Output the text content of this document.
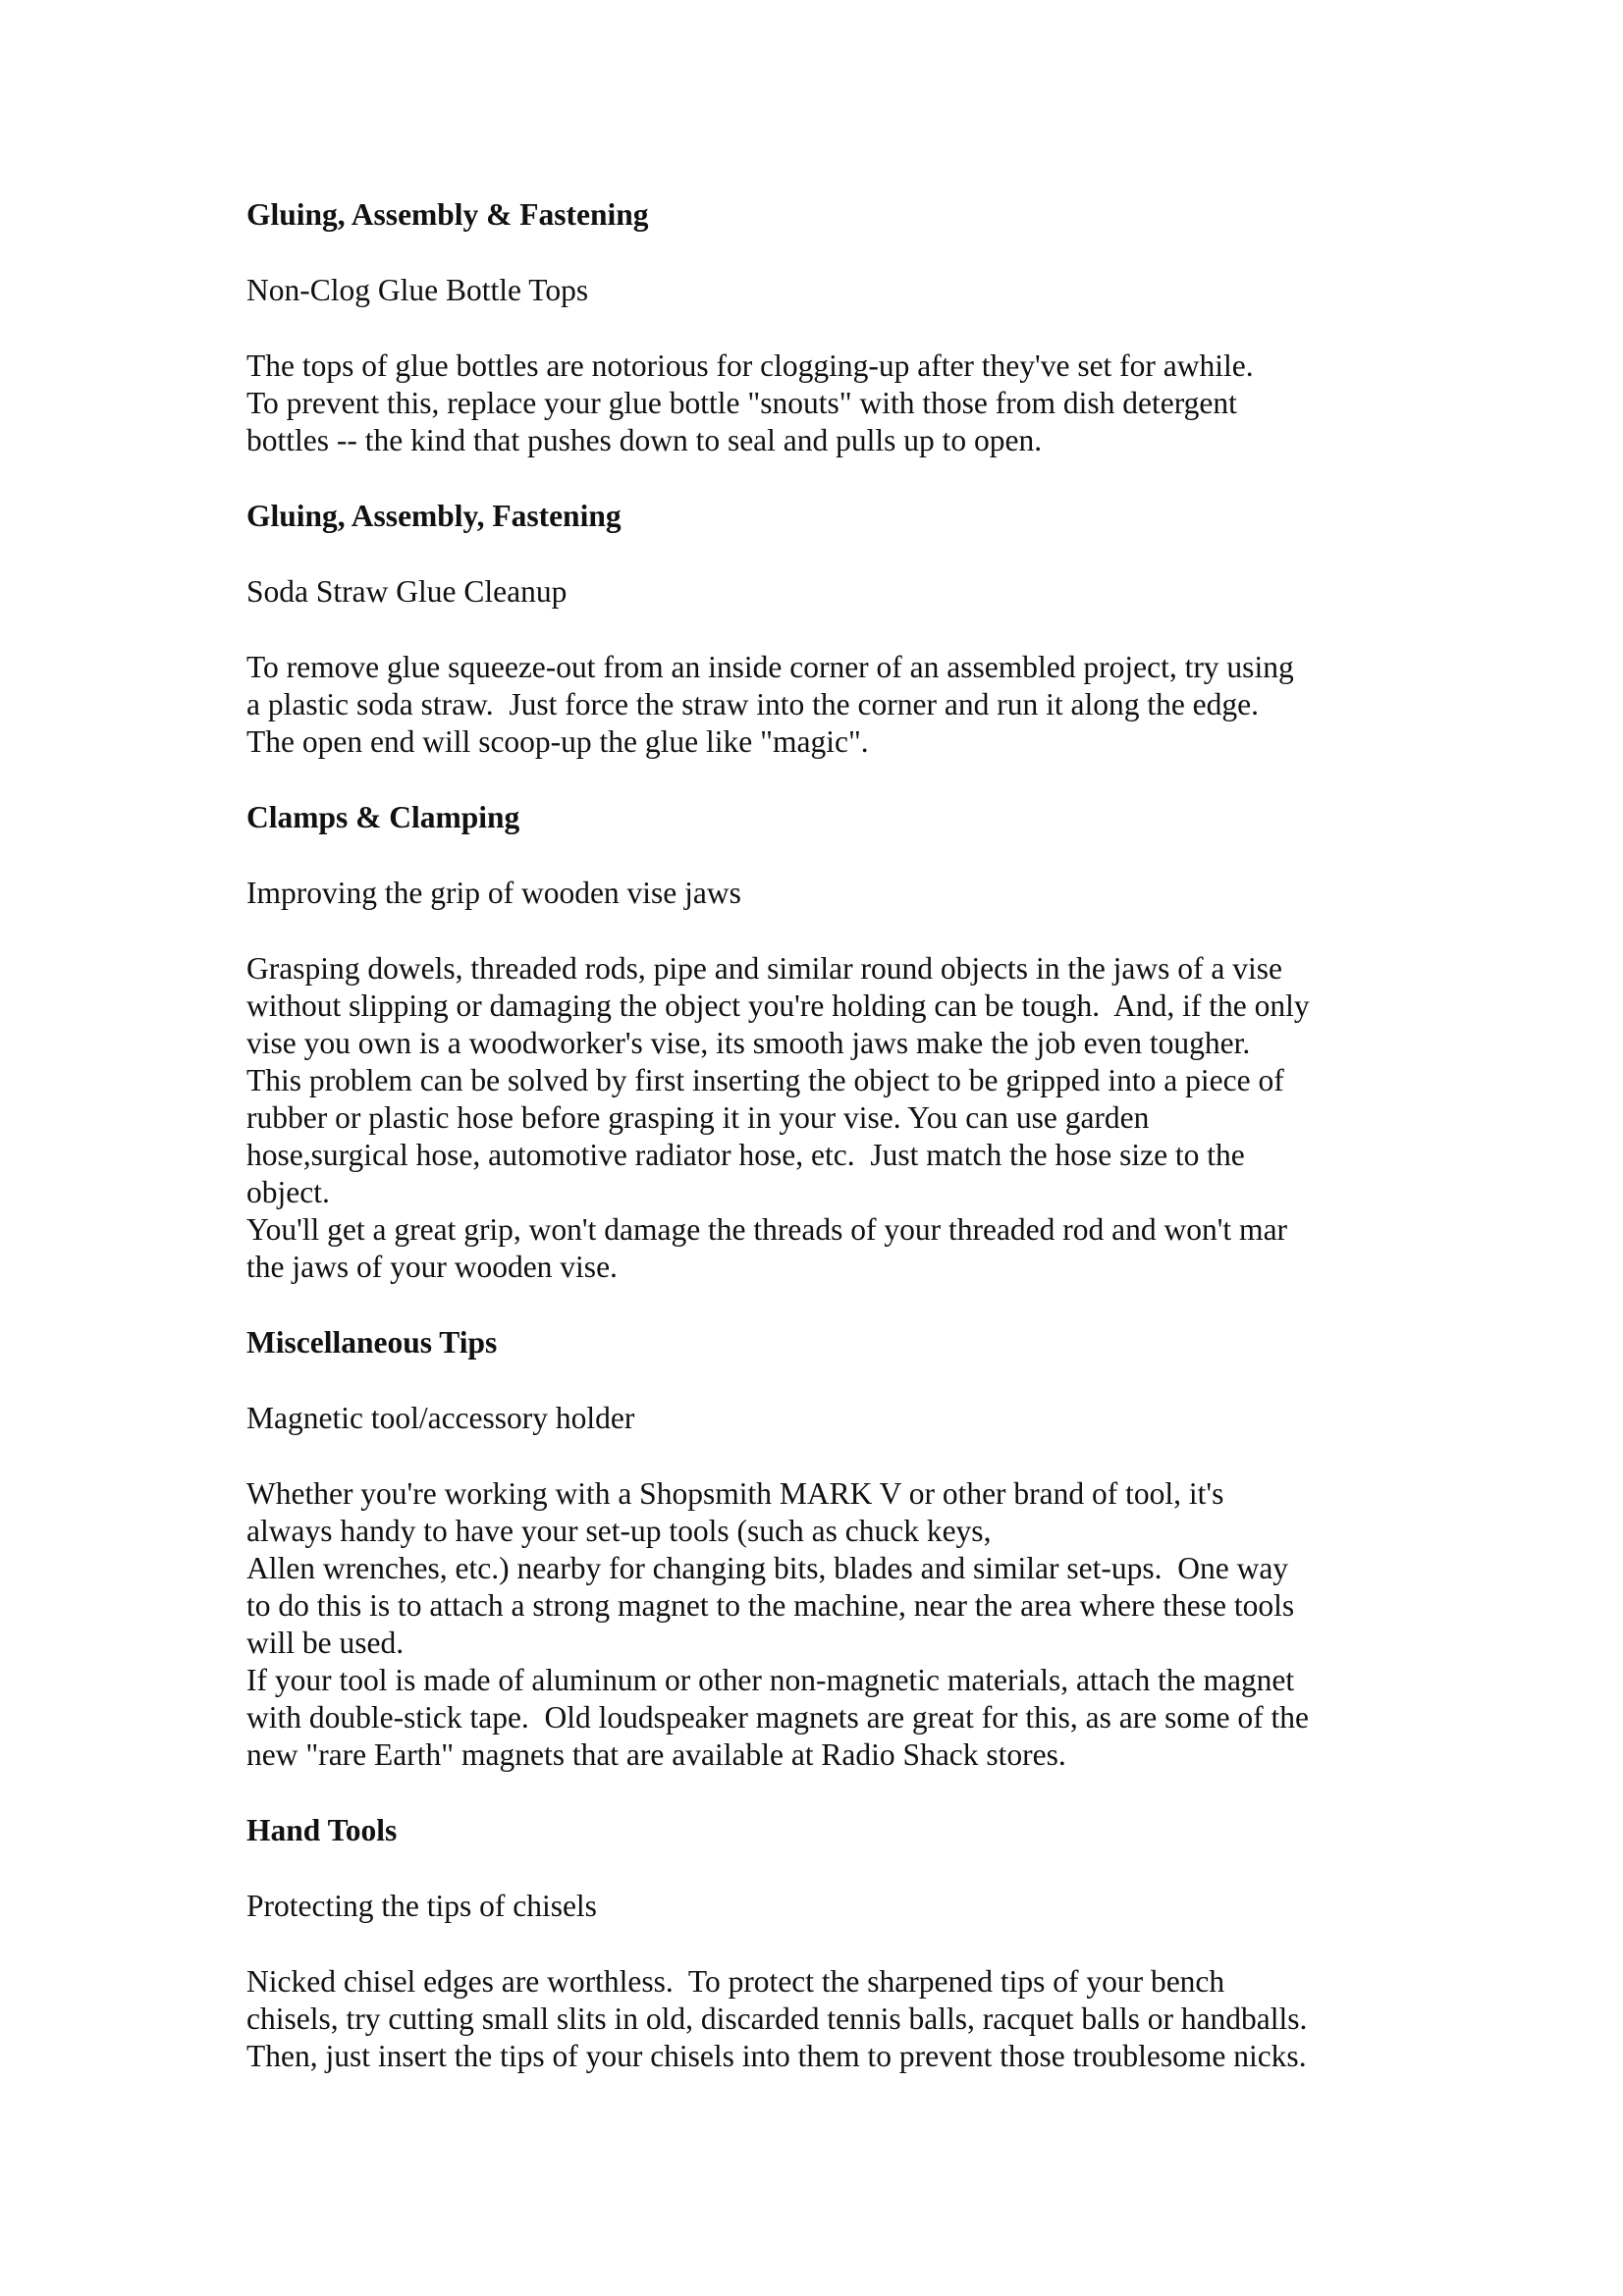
Gluing, Assembly & Fastening

Non-Clog Glue Bottle Tops

The tops of glue bottles are notorious for clogging-up after they've set for awhile.

To prevent this, replace your glue bottle "snouts" with those from dish detergent

bottles -- the kind that pushes down to seal and pulls up to open.

Gluing, Assembly, Fastening

Soda Straw Glue Cleanup

To remove glue squeeze-out from an inside corner of an assembled project, try using

a plastic soda straw.  Just force the straw into the corner and run it along the edge.

The open end will scoop-up the glue like "magic".

Clamps & Clamping

Improving the grip of wooden vise jaws

Grasping dowels, threaded rods, pipe and similar round objects in the jaws of a vise

without slipping or damaging the object you're holding can be tough.  And, if the only

vise you own is a woodworker's vise, its smooth jaws make the job even tougher.

This problem can be solved by first inserting the object to be gripped into a piece of

rubber or plastic hose before grasping it in your vise. You can use garden

hose,surgical hose, automotive radiator hose, etc.  Just match the hose size to the

object.

You'll get a great grip, won't damage the threads of your threaded rod and won't mar

the jaws of your wooden vise.

Miscellaneous Tips

Magnetic tool/accessory holder

Whether you're working with a Shopsmith MARK V or other brand of tool, it's

always handy to have your set-up tools (such as chuck keys,

Allen wrenches, etc.) nearby for changing bits, blades and similar set-ups.  One way

to do this is to attach a strong magnet to the machine, near the area where these tools

will be used.

If your tool is made of aluminum or other non-magnetic materials, attach the magnet

with double-stick tape.  Old loudspeaker magnets are great for this, as are some of the

new "rare Earth" magnets that are available at Radio Shack stores.

Hand Tools

Protecting the tips of chisels

Nicked chisel edges are worthless.  To protect the sharpened tips of your bench

chisels, try cutting small slits in old, discarded tennis balls, racquet balls or handballs.

Then, just insert the tips of your chisels into them to prevent those troublesome nicks.
